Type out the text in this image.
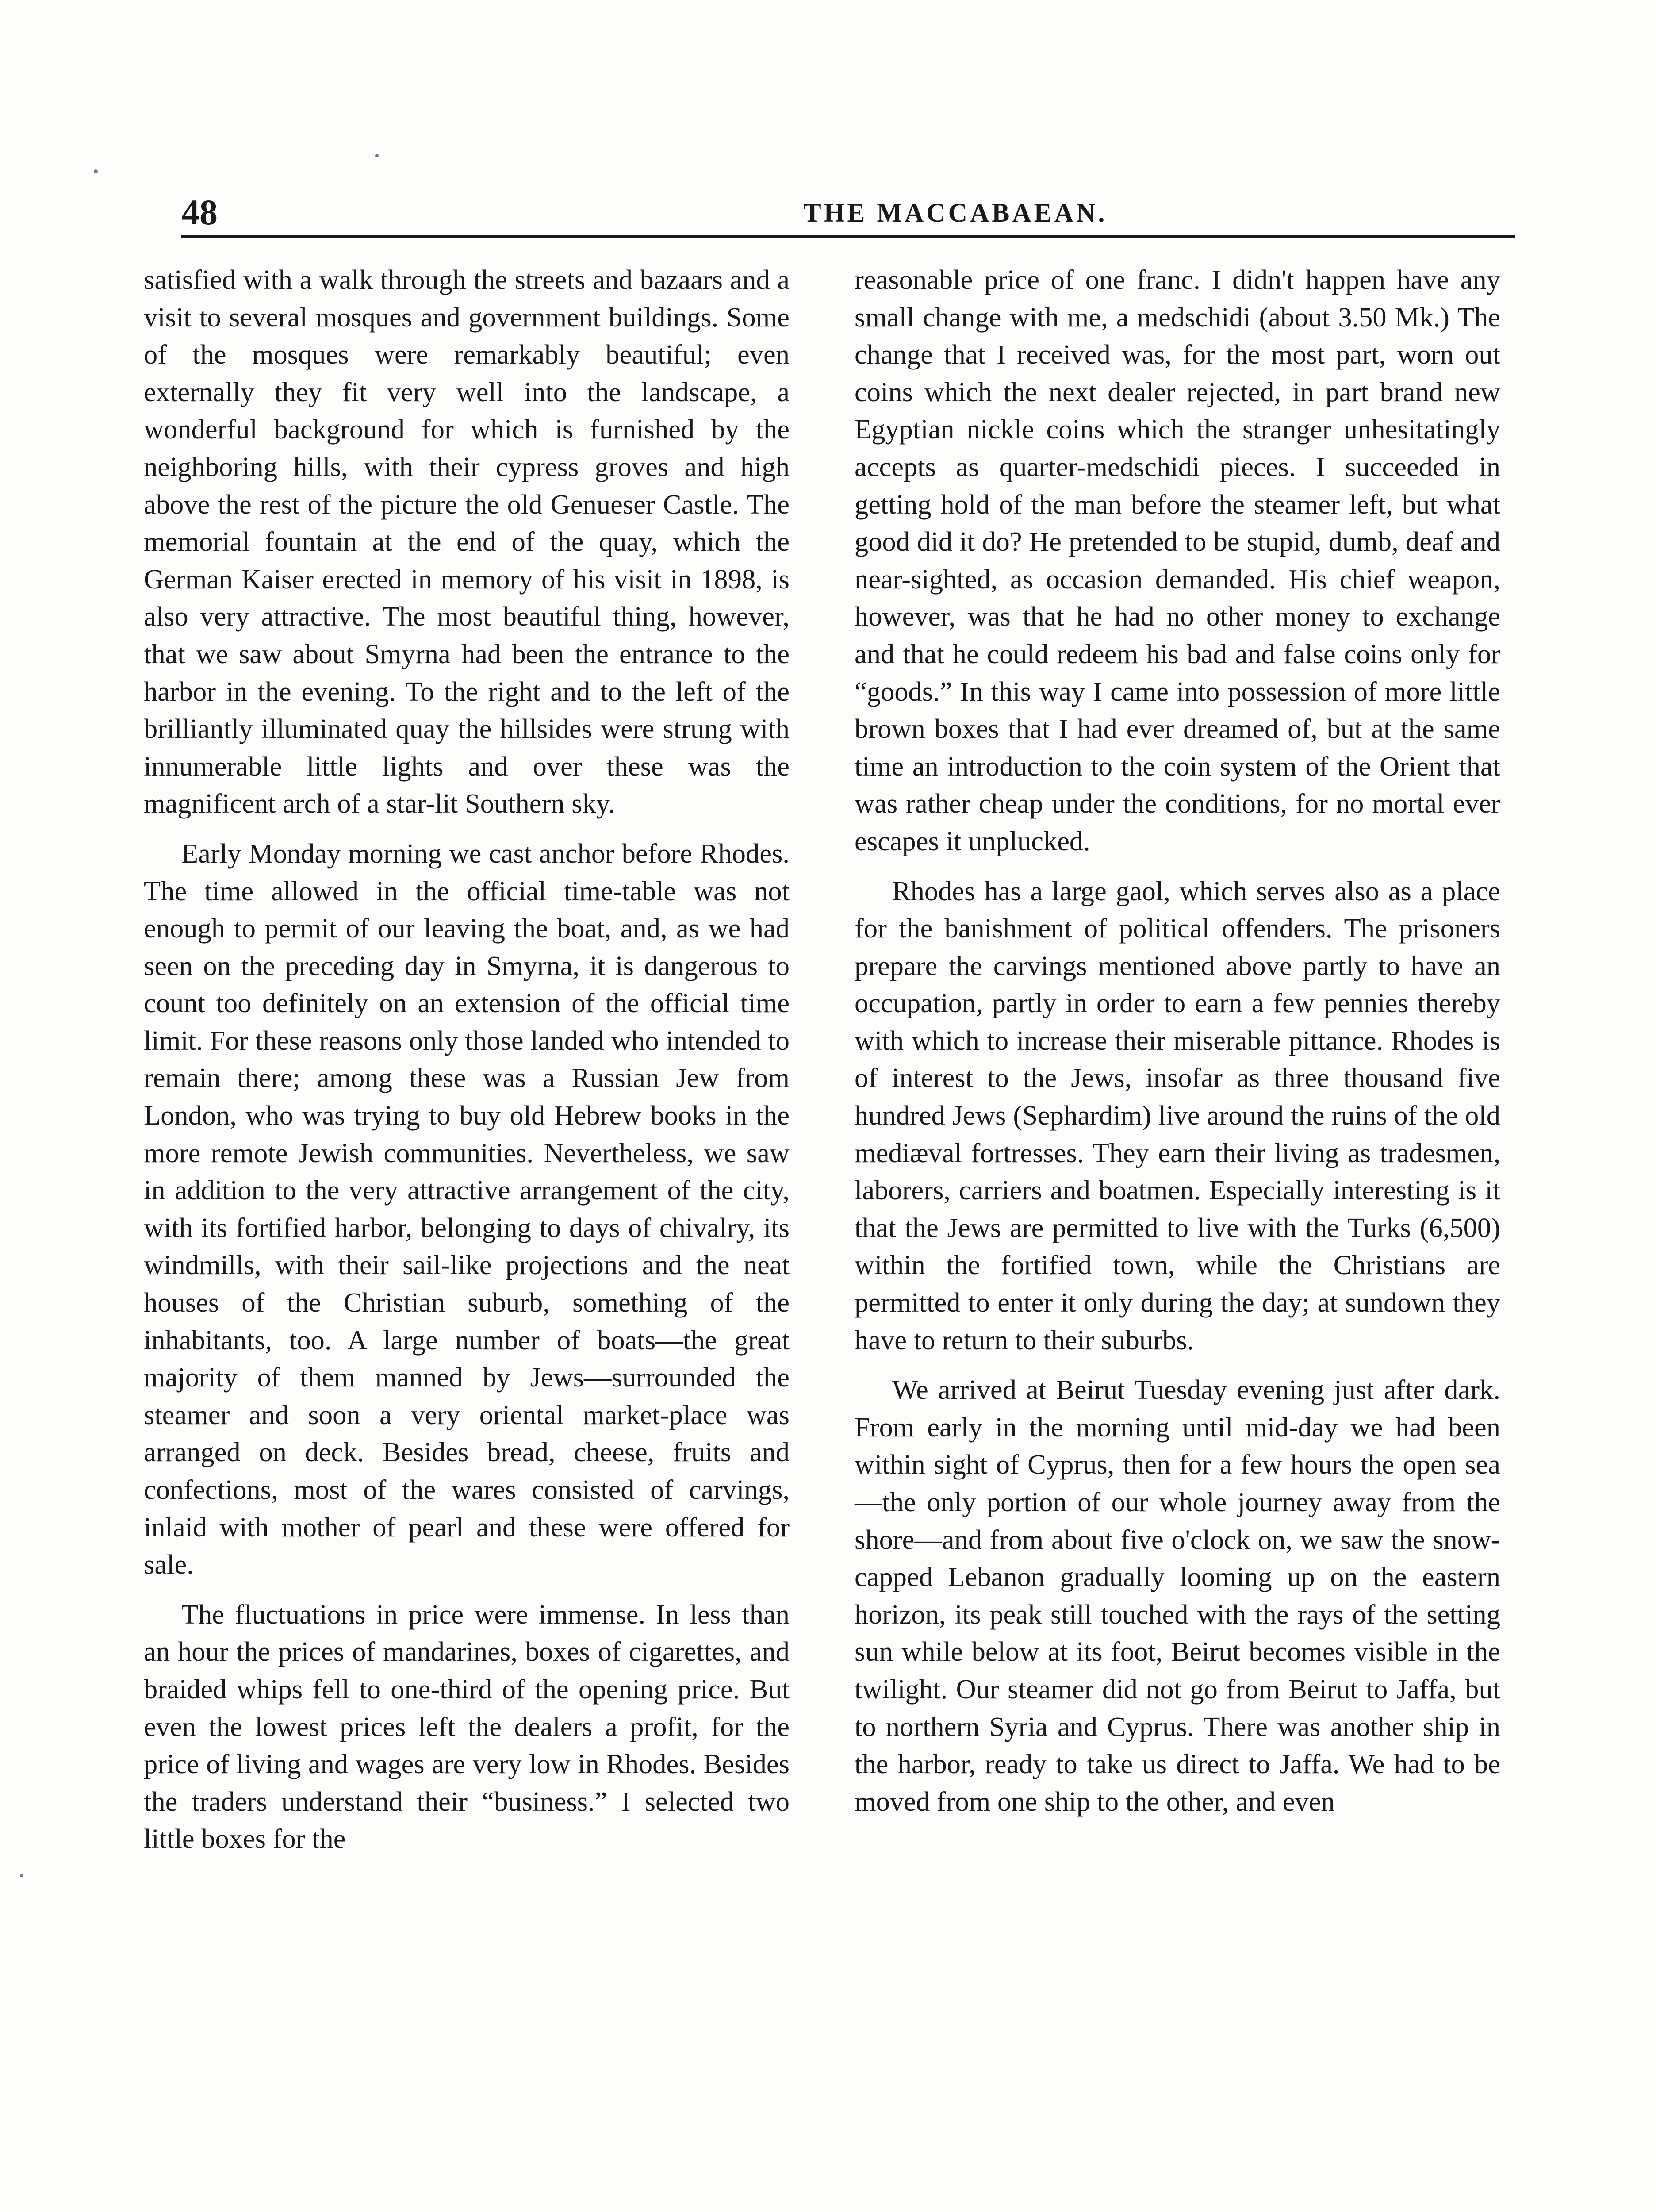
48	THE MACCABAEAN.

satisfied with a walk through the streets and bazaars and a visit to several mosques and government buildings. Some of the mosques were remarkably beautiful; even externally they fit very well into the landscape, a wonderful background for which is furnished by the neighboring hills, with their cypress groves and high above the rest of the picture the old Genueser Castle. The memorial fountain at the end of the quay, which the German Kaiser erected in memory of his visit in 1898, is also very attractive. The most beautiful thing, however, that we saw about Smyrna had been the entrance to the harbor in the evening. To the right and to the left of the brilliantly illuminated quay the hillsides were strung with innumerable little lights and over these was the magnificent arch of a star-lit Southern sky.

Early Monday morning we cast anchor before Rhodes. The time allowed in the official time-table was not enough to permit of our leaving the boat, and, as we had seen on the preceding day in Smyrna, it is dangerous to count too definitely on an extension of the official time limit. For these reasons only those landed who intended to remain there; among these was a Russian Jew from London, who was trying to buy old Hebrew books in the more remote Jewish communities. Nevertheless, we saw in addition to the very attractive arrangement of the city, with its fortified harbor, belonging to days of chivalry, its windmills, with their sail-like projections and the neat houses of the Christian suburb, something of the inhabitants, too. A large number of boats—the great majority of them manned by Jews—surrounded the steamer and soon a very oriental market-place was arranged on deck. Besides bread, cheese, fruits and confections, most of the wares consisted of carvings, inlaid with mother of pearl and these were offered for sale.

The fluctuations in price were immense. In less than an hour the prices of mandarines, boxes of cigarettes, and braided whips fell to one-third of the opening price. But even the lowest prices left the dealers a profit, for the price of living and wages are very low in Rhodes. Besides the traders understand their “business.” I selected two little boxes for the

reasonable price of one franc. I didn't happen have any small change with me, a medschidi (about 3.50 Mk.) The change that I received was, for the most part, worn out coins which the next dealer rejected, in part brand new Egyptian nickle coins which the stranger unhesitatingly accepts as quarter-medschidi pieces. I succeeded in getting hold of the man before the steamer left, but what good did it do? He pretended to be stupid, dumb, deaf and near-sighted, as occasion demanded. His chief weapon, however, was that he had no other money to exchange and that he could redeem his bad and false coins only for “goods.” In this way I came into possession of more little brown boxes that I had ever dreamed of, but at the same time an introduction to the coin system of the Orient that was rather cheap under the conditions, for no mortal ever escapes it unplucked.

Rhodes has a large gaol, which serves also as a place for the banishment of political offenders. The prisoners prepare the carvings mentioned above partly to have an occupation, partly in order to earn a few pennies thereby with which to increase their miserable pittance. Rhodes is of interest to the Jews, insofar as three thousand five hundred Jews (Sephardim) live around the ruins of the old mediæval fortresses. They earn their living as tradesmen, laborers, carriers and boatmen. Especially interesting is it that the Jews are permitted to live with the Turks (6,500) within the fortified town, while the Christians are permitted to enter it only during the day; at sundown they have to return to their suburbs.

We arrived at Beirut Tuesday evening just after dark. From early in the morning until mid-day we had been within sight of Cyprus, then for a few hours the open sea—the only portion of our whole journey away from the shore—and from about five o'clock on, we saw the snow-capped Lebanon gradually looming up on the eastern horizon, its peak still touched with the rays of the setting sun while below at its foot, Beirut becomes visible in the twilight. Our steamer did not go from Beirut to Jaffa, but to northern Syria and Cyprus. There was another ship in the harbor, ready to take us direct to Jaffa. We had to be moved from one ship to the other, and even
